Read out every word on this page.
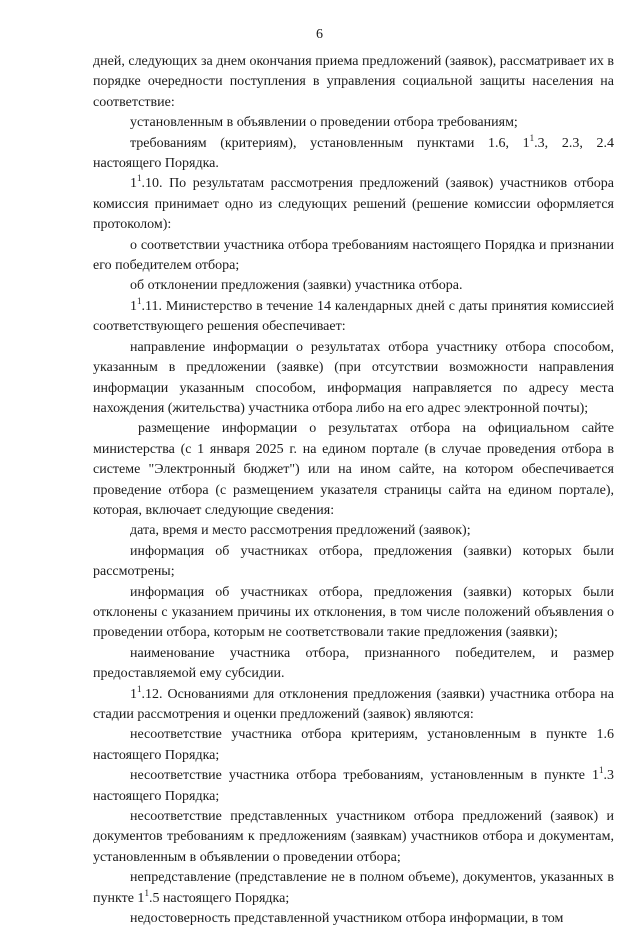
6

дней, следующих за днем окончания приема предложений (заявок), рассматривает их в порядке очередности поступления в управления социальной защиты населения на соответствие:

установленным в объявлении о проведении отбора требованиям;

требованиям (критериям), установленным пунктами 1.6, $1^1.3$, 2.3, 2.4 настоящего Порядка.

$1^1.10$. По результатам рассмотрения предложений (заявок) участников отбора комиссия принимает одно из следующих решений (решение комиссии оформляется протоколом):

о соответствии участника отбора требованиям настоящего Порядка и признании его победителем отбора;

об отклонении предложения (заявки) участника отбора.

$1^1.11$. Министерство в течение 14 календарных дней с даты принятия комиссией соответствующего решения обеспечивает:

направление информации о результатах отбора участнику отбора способом, указанным в предложении (заявке) (при отсутствии возможности направления информации указанным способом, информация направляется по адресу места нахождения (жительства) участника отбора либо на его адрес электронной почты);

размещение информации о результатах отбора на официальном сайте министерства (с 1 января 2025 г. на едином портале (в случае проведения отбора в системе "Электронный бюджет") или на ином сайте, на котором обеспечивается проведение отбора (с размещением указателя страницы сайта на едином портале), которая, включает следующие сведения:

дата, время и место рассмотрения предложений (заявок);

информация об участниках отбора, предложения (заявки) которых были рассмотрены;

информация об участниках отбора, предложения (заявки) которых были отклонены с указанием причины их отклонения, в том числе положений объявления о проведении отбора, которым не соответствовали такие предложения (заявки);

наименование участника отбора, признанного победителем, и размер предоставляемой ему субсидии.

$1^1.12$. Основаниями для отклонения предложения (заявки) участника отбора на стадии рассмотрения и оценки предложений (заявок) являются:

несоответствие участника отбора критериям, установленным в пункте 1.6 настоящего Порядка;

несоответствие участника отбора требованиям, установленным в пункте $1^1.3$ настоящего Порядка;

несоответствие представленных участником отбора предложений (заявок) и документов требованиям к предложениям (заявкам) участников отбора и документам, установленным в объявлении о проведении отбора;

непредставление (представление не в полном объеме), документов, указанных в пункте $1^1.5$ настоящего Порядка;

недостоверность представленной участником отбора информации, в том
